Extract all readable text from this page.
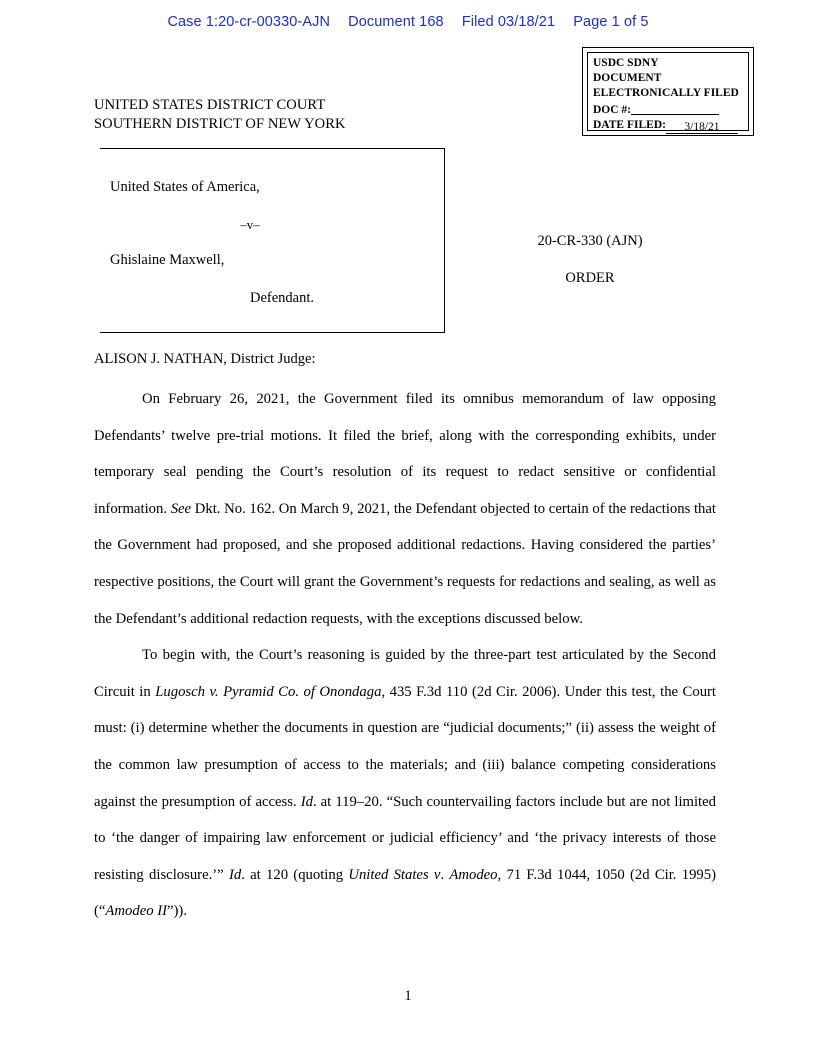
Case 1:20-cr-00330-AJN Document 168 Filed 03/18/21 Page 1 of 5
USDC SDNY
DOCUMENT
ELECTRONICALLY FILED
DOC #:
DATE FILED: 3/18/21
UNITED STATES DISTRICT COURT
SOUTHERN DISTRICT OF NEW YORK
United States of America,
–v–
Ghislaine Maxwell,
Defendant.
20-CR-330 (AJN)
ORDER
ALISON J. NATHAN, District Judge:

On February 26, 2021, the Government filed its omnibus memorandum of law opposing Defendants’ twelve pre-trial motions. It filed the brief, along with the corresponding exhibits, under temporary seal pending the Court’s resolution of its request to redact sensitive or confidential information. See Dkt. No. 162. On March 9, 2021, the Defendant objected to certain of the redactions that the Government had proposed, and she proposed additional redactions. Having considered the parties’ respective positions, the Court will grant the Government’s requests for redactions and sealing, as well as the Defendant’s additional redaction requests, with the exceptions discussed below.

To begin with, the Court’s reasoning is guided by the three-part test articulated by the Second Circuit in Lugosch v. Pyramid Co. of Onondaga, 435 F.3d 110 (2d Cir. 2006). Under this test, the Court must: (i) determine whether the documents in question are “judicial documents;” (ii) assess the weight of the common law presumption of access to the materials; and (iii) balance competing considerations against the presumption of access. Id. at 119–20. “Such countervailing factors include but are not limited to ‘the danger of impairing law enforcement or judicial efficiency’ and ‘the privacy interests of those resisting disclosure.’” Id. at 120 (quoting United States v. Amodeo, 71 F.3d 1044, 1050 (2d Cir. 1995) (“Amodeo II”)).

1
